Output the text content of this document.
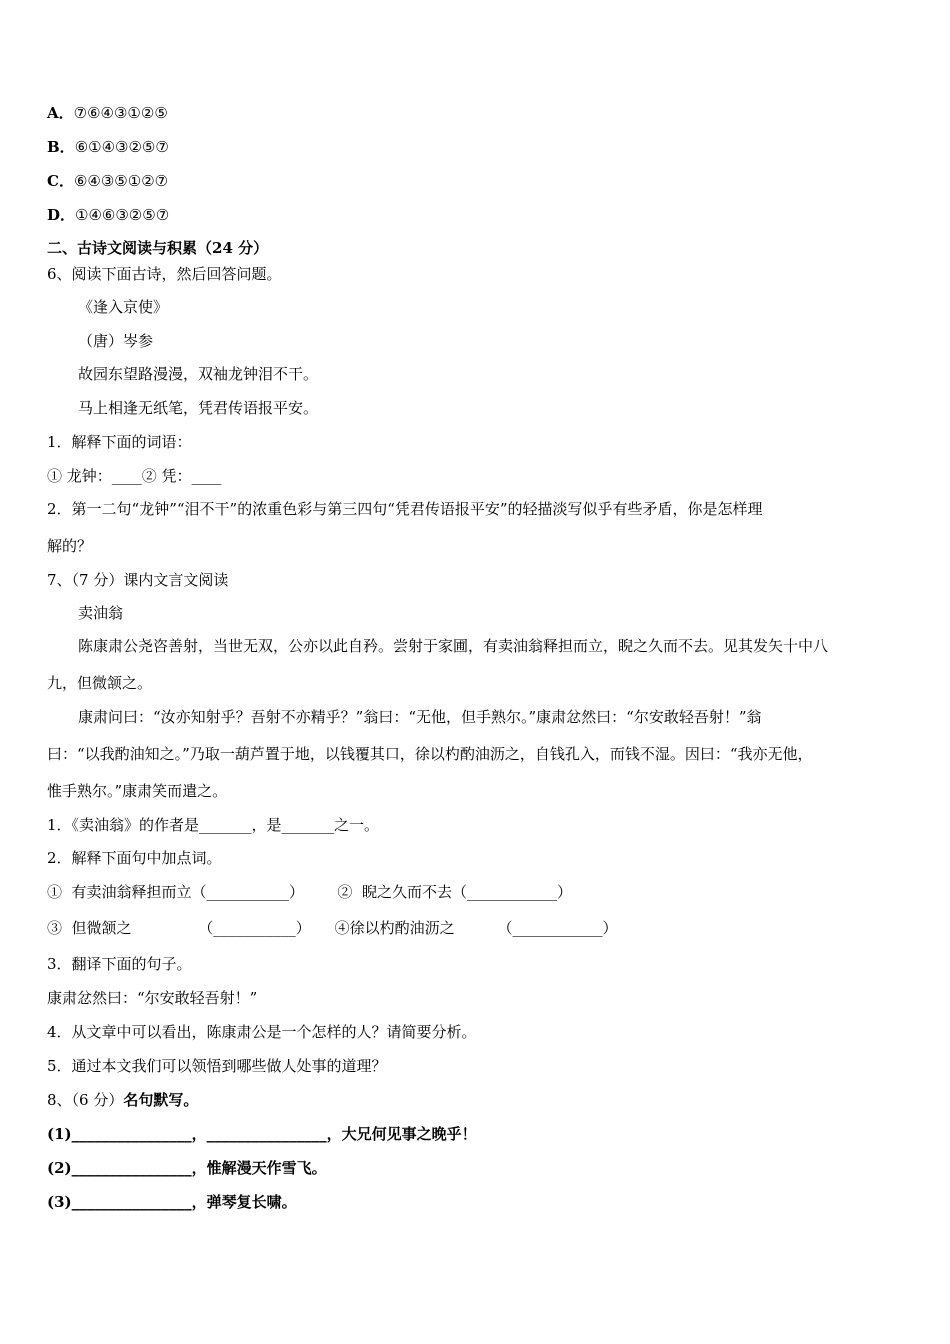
A．⑦⑥④③①②⑤
B．⑥①④③②⑤⑦
C．⑥④③⑤①②⑦
D．①④⑥③②⑤⑦
二、古诗文阅读与积累（24 分）
6、阅读下面古诗，然后回答问题。
《逢入京使》
（唐）岑参
故园东望路漫漫，双袖龙钟泪不干。
马上相逢无纸笔，凭君传语报平安。
1．解释下面的词语：
① 龙钟：____② 凭：____
2．第一二句“龙钟”“泪不干”的浓重色彩与第三四句“凭君传语报平安”的轻描淡写似乎有些矛盾，你是怎样理
解的？
7、（7 分）课内文言文阅读
卖油翁
陈康肃公尧咨善射，当世无双，公亦以此自矜。尝射于家圃，有卖油翁释担而立，睨之久而不去。见其发矢十中八
九，但微颔之。
康肃问曰：“汝亦知射乎？吾射不亦精乎？”翁曰：“无他，但手熟尔。”康肃忿然曰：“尔安敢轻吾射！”翁
曰：“以我酌油知之。”乃取一葫芦置于地，以钱覆其口，徐以杓酌油沥之，自钱孔入，而钱不湿。因曰：“我亦无他，
惟手熟尔。”康肃笑而遣之。
1．《卖油翁》的作者是_______，是_______之一。
2．解释下面句中加点词。
①  有卖油翁释担而立（___________）       ②  睨之久而不去（____________）
③  但微颔之              （___________）     ④徐以杓酌油沥之         （____________）
3．翻译下面的句子。
康肃忿然曰：“尔安敢轻吾射！”
4．从文章中可以看出，陈康肃公是一个怎样的人？请简要分析。
5．通过本文我们可以领悟到哪些做人处事的道理？
8、（6 分）名句默写。
(1)________________，________________，大兄何见事之晚乎！
(2)________________，惟解漫天作雪飞。
(3)________________，弹琴复长啸。
